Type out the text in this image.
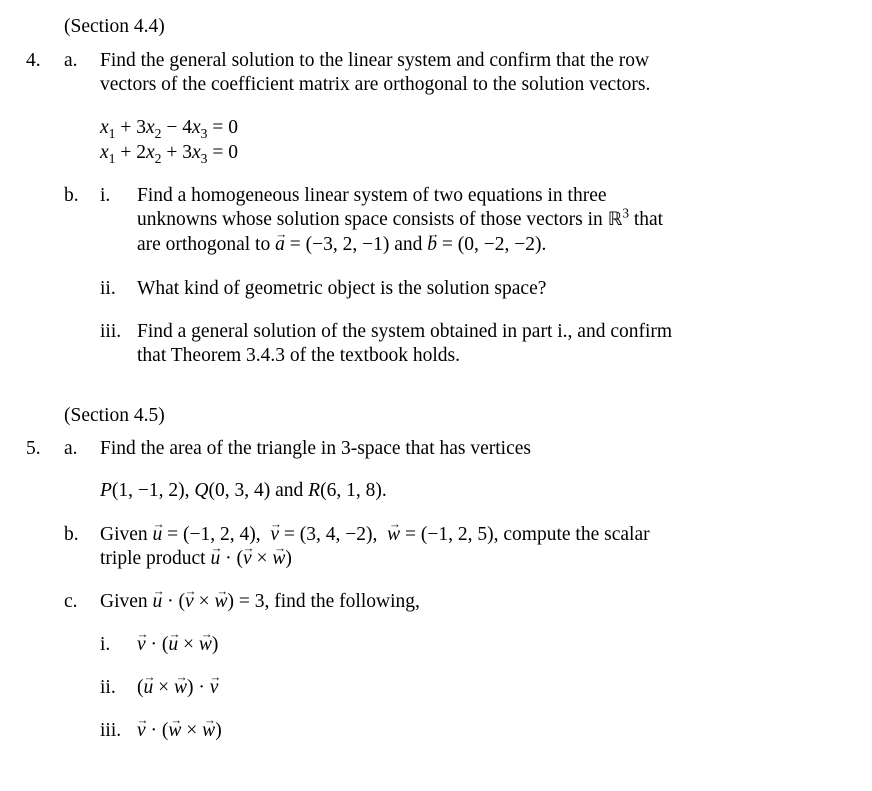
(Section 4.4)
4. a. Find the general solution to the linear system and confirm that the row
vectors of the coefficient matrix are orthogonal to the solution vectors.
$x_1 + 3x_2 - 4x_3 = 0$
$x_1 + 2x_2 + 3x_3 = 0$
b. i. Find a homogeneous linear system of two equations in three
unknowns whose solution space consists of those vectors in ℝ$^3$ that
are orthogonal to → a = (−3, 2, −1) and → b = (0, −2, −2).
ii. What kind of geometric object is the solution space?
iii. Find a general solution of the system obtained in part i., and confirm
that Theorem 3.4.3 of the textbook holds.
(Section 4.5)
5. a. Find the area of the triangle in 3-space that has vertices
P(1, −1, 2), Q(0, 3, 4) and R(6, 1, 8).
b. Given → u = (−1, 2, 4),  → v = (3, 4, −2),  → w = (−1, 2, 5), compute the scalar
triple product → u · (→ v × → w)
c. Given → u · (→ v × → w) = 3, find the following,
i. → v · (→ u × → w)
ii. (→ u × → w) · → v
iii. → v · (→ w × → w)
